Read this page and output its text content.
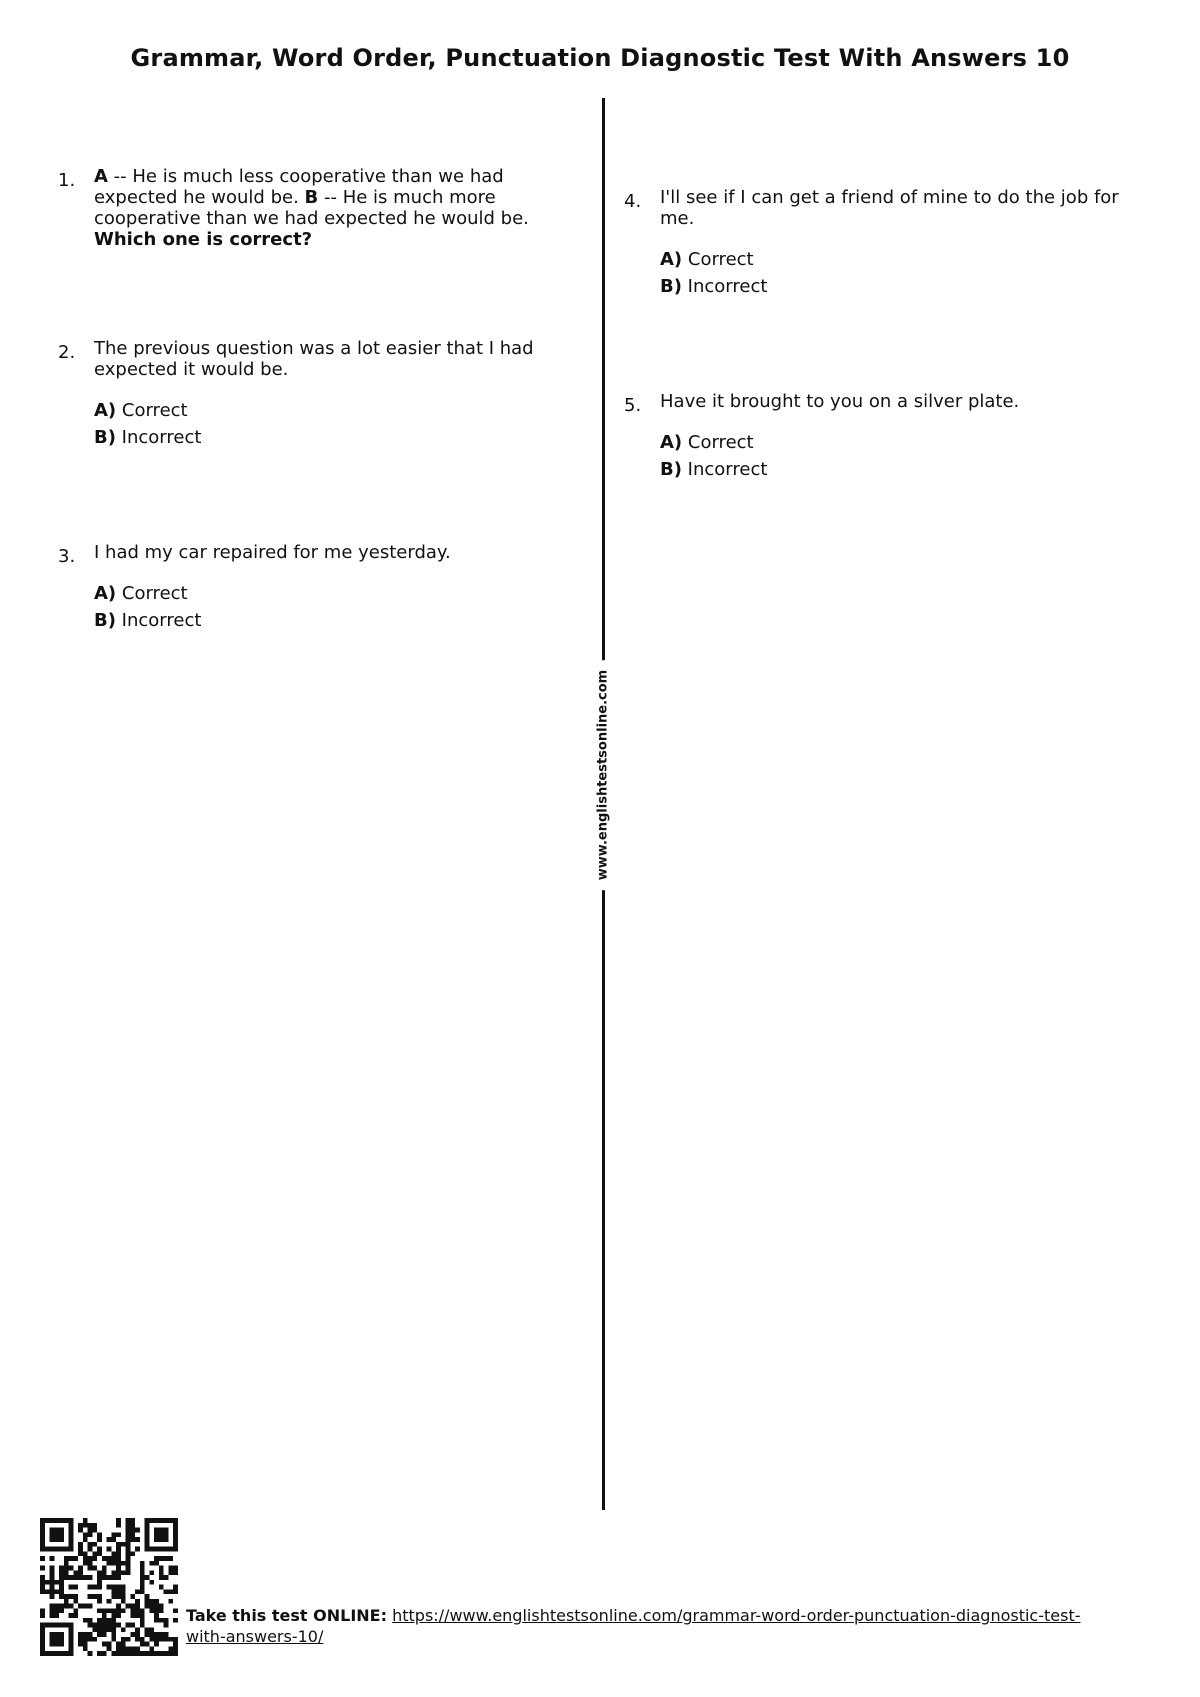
Grammar, Word Order, Punctuation Diagnostic Test With Answers 10
www.englishtestsonline.com
1.	A -- He is much less cooperative than we had expected he would be. B -- He is much more cooperative than we had expected he would be.
Which one is correct?
2.	The previous question was a lot easier that I had expected it would be.
A) Correct
B) Incorrect
3.	I had my car repaired for me yesterday.
A) Correct
B) Incorrect
4.	I'll see if I can get a friend of mine to do the job for me.
A) Correct
B) Incorrect
5.	Have it brought to you on a silver plate.
A) Correct
B) Incorrect
Take this test ONLINE: https://www.englishtestsonline.com/grammar-word-order-punctuation-diagnostic-test-with-answers-10/
